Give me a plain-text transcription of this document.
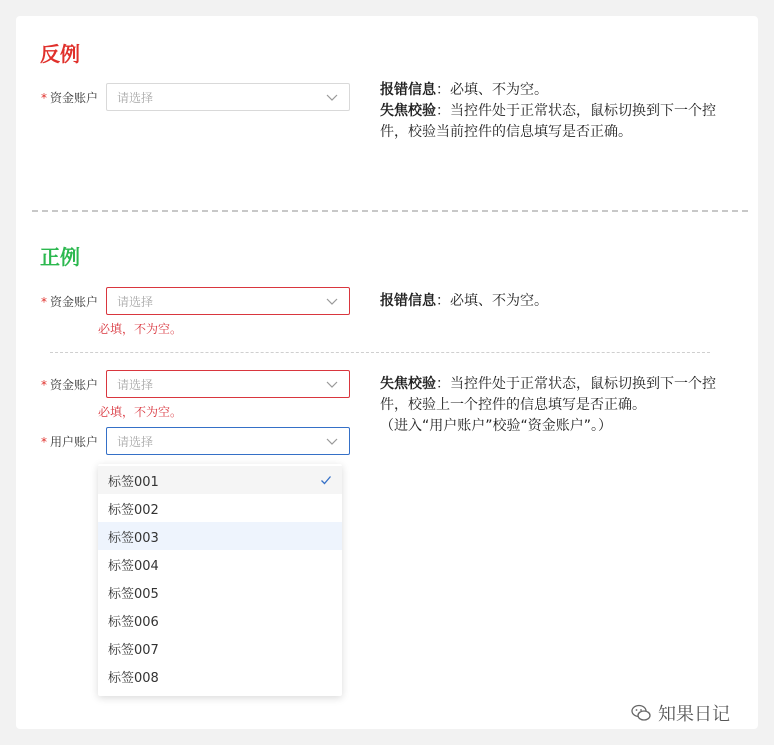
反例
* 资金账户	请选择	报错信息：必填、不为空。
失焦校验：当控件处于正常状态，鼠标切换到下一个控件，校验当前控件的信息填写是否正确。
正例
* 资金账户	请选择
必填，不为空。
报错信息：必填、不为空。
* 资金账户	请选择
必填，不为空。
* 用户账户	请选择
失焦校验：当控件处于正常状态，鼠标切换到下一个控件，校验上一个控件的信息填写是否正确。
（进入“用户账户”校验“资金账户”。）
标签001
标签002
标签003
标签004
标签005
标签006
标签007
标签008
知果日记
